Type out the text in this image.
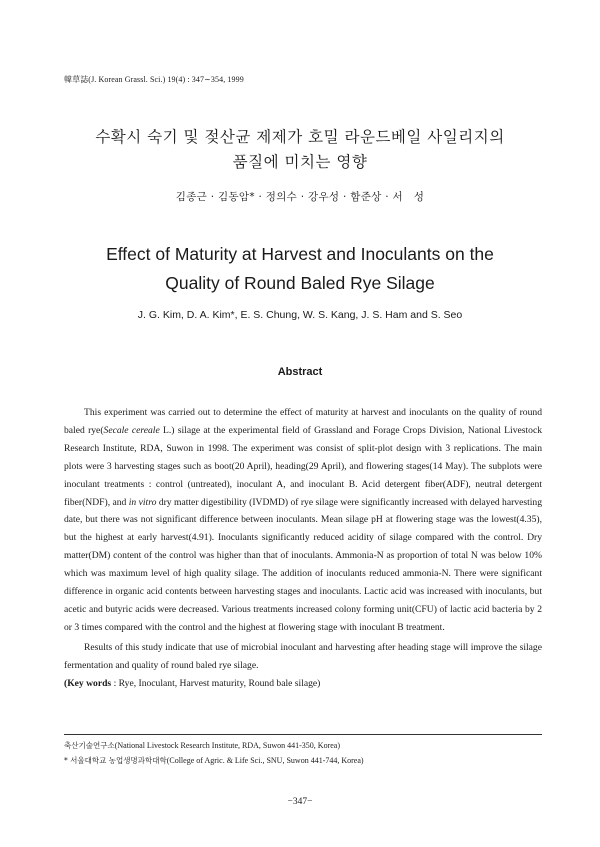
韓草誌(J. Korean Grassl. Sci.) 19(4) : 347∼354, 1999
수확시 숙기 및 젖산균 제제가 호밀 라운드베일 사일리지의
품질에 미치는 영향
김종근 · 김동암* · 정의수 · 강우성 · 함준상 · 서　성
Effect of Maturity at Harvest and Inoculants on the
Quality of Round Baled Rye Silage
J. G. Kim, D. A. Kim*, E. S. Chung, W. S. Kang, J. S. Ham and S. Seo
Abstract

This experiment was carried out to determine the effect of maturity at harvest and inoculants on the quality of round baled rye(Secale cereale L.) silage at the experimental field of Grassland and Forage Crops Division, National Livestock Research Institute, RDA, Suwon in 1998. The experiment was consist of split-plot design with 3 replications. The main plots were 3 harvesting stages such as boot(20 April), heading(29 April), and flowering stages(14 May). The subplots were inoculant treatments : control (untreated), inoculant A, and inoculant B. Acid detergent fiber(ADF), neutral detergent fiber(NDF), and in vitro dry matter digestibility (IVDMD) of rye silage were significantly increased with delayed harvesting date, but there was not significant difference between inoculants. Mean silage pH at flowering stage was the lowest(4.35), but the highest at early harvest(4.91). Inoculants significantly reduced acidity of silage compared with the control. Dry matter(DM) content of the control was higher than that of inoculants. Ammonia-N as proportion of total N was below 10% which was maximum level of high quality silage. The addition of inoculants reduced ammonia-N. There were significant difference in organic acid contents between harvesting stages and inoculants. Lactic acid was increased with inoculants, but acetic and butyric acids were decreased. Various treatments increased colony forming unit(CFU) of lactic acid bacteria by 2 or 3 times compared with the control and the highest at flowering stage with inoculant B treatment.

Results of this study indicate that use of microbial inoculant and harvesting after heading stage will improve the silage fermentation and quality of round baled rye silage.

(Key words : Rye, Inoculant, Harvest maturity, Round bale silage)

축산기술연구소(National Livestock Research Institute, RDA, Suwon 441-350, Korea)
* 서울대학교 농업생명과학대학(College of Agric. & Life Sci., SNU, Suwon 441-744, Korea)
−347−
